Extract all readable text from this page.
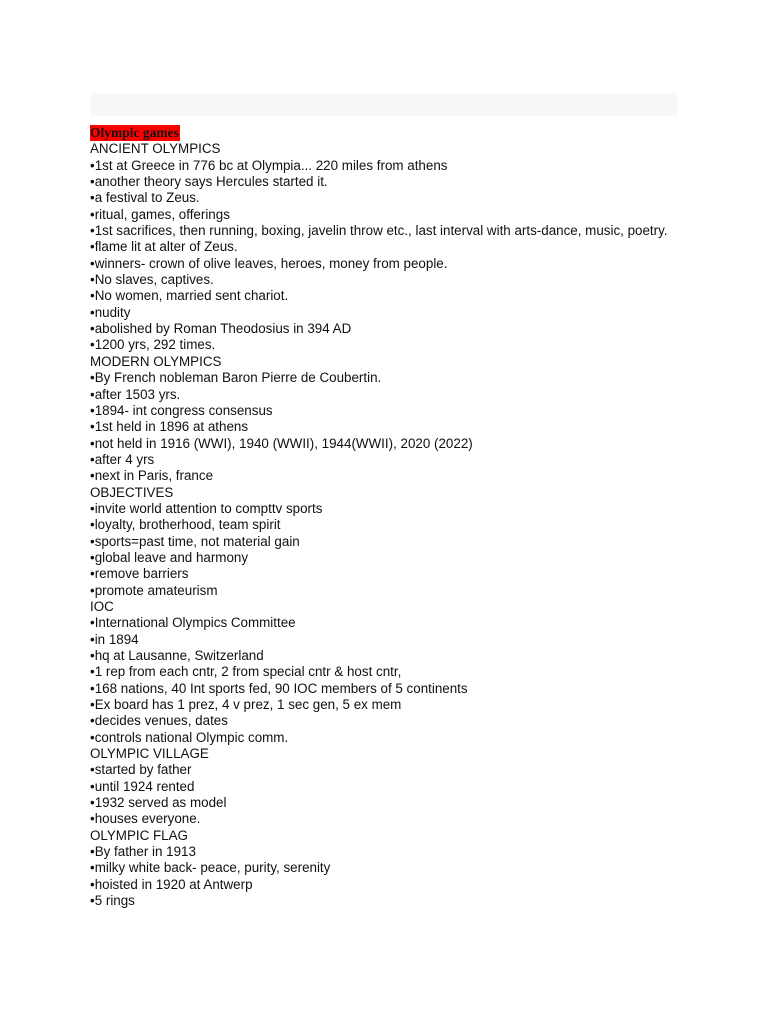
Olympic games
ANCIENT OLYMPICS
•1st at Greece in 776 bc at Olympia... 220 miles from athens
•another theory says Hercules started it.
•a festival to Zeus.
•ritual, games, offerings
•1st sacrifices, then running, boxing, javelin throw etc., last interval with arts-dance, music, poetry.
•flame lit at alter of Zeus.
•winners- crown of olive leaves, heroes, money from people.
•No slaves, captives.
•No women, married sent chariot.
•nudity
•abolished by Roman Theodosius in 394 AD
•1200 yrs, 292 times.
MODERN OLYMPICS
•By French nobleman Baron Pierre de Coubertin.
•after 1503 yrs.
•1894- int congress consensus
•1st held in 1896 at athens
•not held in 1916 (WWI), 1940 (WWII), 1944(WWII), 2020 (2022)
•after 4 yrs
•next in Paris, france
OBJECTIVES
•invite world attention to compttv sports
•loyalty, brotherhood, team spirit
•sports=past time, not material gain
•global leave and harmony
•remove barriers
•promote amateurism
IOC
•International Olympics Committee
•in 1894
•hq at Lausanne, Switzerland
•1 rep from each cntr, 2 from special cntr & host cntr,
•168 nations, 40 Int sports fed, 90 IOC members of 5 continents
•Ex board has 1 prez, 4 v prez, 1 sec gen, 5 ex mem
•decides venues, dates
•controls national Olympic comm.
OLYMPIC VILLAGE
•started by father
•until 1924 rented
•1932 served as model
•houses everyone.
OLYMPIC FLAG
•By father in 1913
•milky white back- peace, purity, serenity
•hoisted in 1920 at Antwerp
•5 rings
